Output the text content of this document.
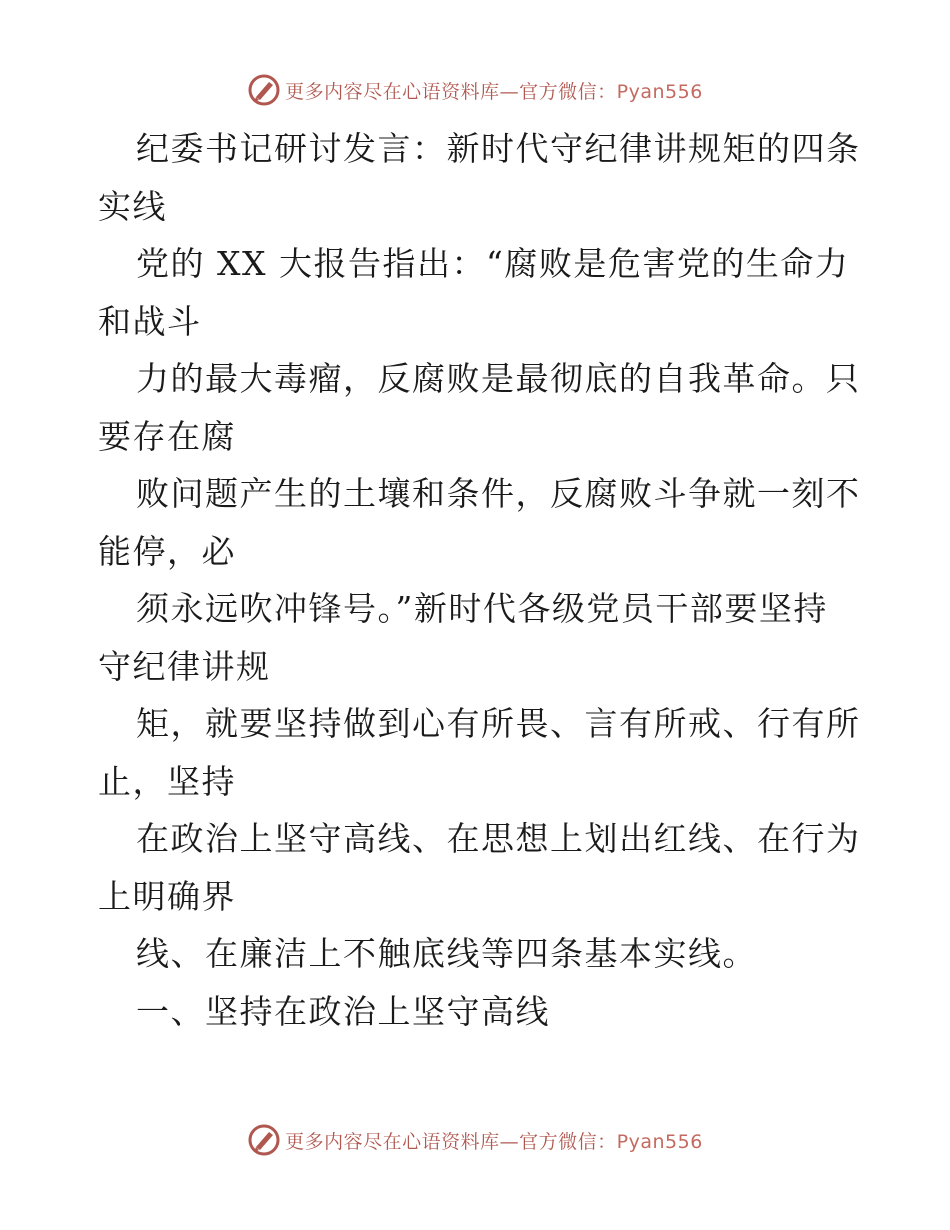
更多内容尽在心语资料库—官方微信：Pyan556

纪委书记研讨发言：新时代守纪律讲规矩的四条

实线

党的 XX 大报告指出：“腐败是危害党的生命力

和战斗

力的最大毒瘤，反腐败是最彻底的自我革命。只

要存在腐

败问题产生的土壤和条件，反腐败斗争就一刻不

能停，必

须永远吹冲锋号。”新时代各级党员干部要坚持

守纪律讲规

矩，就要坚持做到心有所畏、言有所戒、行有所

止，坚持

在政治上坚守高线、在思想上划出红线、在行为

上明确界

线、在廉洁上不触底线等四条基本实线。

一、坚持在政治上坚守高线

更多内容尽在心语资料库—官方微信：Pyan556
